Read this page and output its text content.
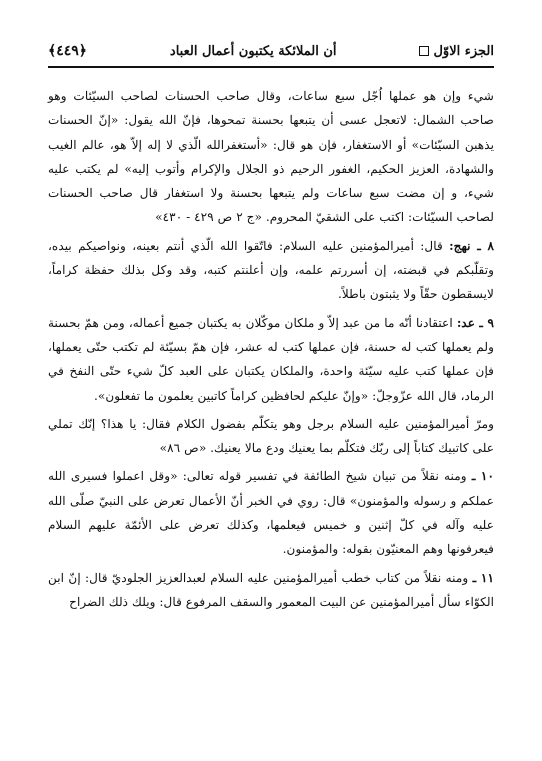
الجزء الاوّل
أن الملائكة يكتبون أعمال العباد
﴿٤٤٩﴾

شيء وإن هو عملها اُجّل سبع ساعات، وقال صاحب الحسنات لصاحب السيّئات وهو صاحب الشمال: لاتعجل عسى أن يتبعها بحسنة تمحوها، فإنّ الله يقول: «إنّ الحسنات يذهبن السيّئات» أو الاستغفار، فإن هو قال: «أستغفرالله الّذي لا إله إلاّ هو، عالم الغيب والشهادة، العزيز الحكيم، الغفور الرحيم ذو الجلال والإكرام وأتوب إليه» لم يكتب عليه شيء، و إن مضت سبع ساعات ولم يتبعها بحسنة ولا استغفار قال صاحب الحسنات لصاحب السيّئات: اكتب على الشقيّ المحروم. «ج ٢ ص ٤٢٩ - ٤٣٠»

٨ ـ نهج: قال: أميرالمؤمنين عليه السلام: فاتّقوا الله الّذي أنتم بعينه، ونواصيكم بيده، وتقلّبكم في قبضته، إن أسررتم علمه، وإن أعلنتم كتبه، وقد وكل بذلك حفظة كراماً، لايسقطون حقّاً ولا يثبتون باطلاً.

٩ ـ عد: اعتقادنا أنّه ما من عبد إلاّ و ملكان موكّلان به يكتبان جميع أعماله، ومن همّ بحسنة ولم يعملها كتب له حسنة، فإن عملها كتب له عشر، فإن همّ بسيّئة لم تكتب حتّى يعملها، فإن عملها كتب عليه سيّئة واحدة، والملكان يكتبان على العبد كلّ شيء حتّى النفخ في الرماد، قال الله عزّوجلّ: «وإنّ عليكم لحافظين كراماً كاتبين يعلمون ما تفعلون».

ومرّ أميرالمؤمنين عليه السلام برجل وهو يتكلّم بفضول الكلام فقال: يا هذا؟ إنّك تملي على كاتبيك كتاباً إلى ربّك فتكلّم بما يعنيك ودع مالا يعنيك. «ص ٨٦»

١٠ ـ ومنه نقلاً من تبيان شيخ الطائفة في تفسير قوله تعالى: «وقل اعملوا فسيرى الله عملكم و رسوله والمؤمنون» قال: روي في الخبر أنّ الأعمال تعرض على النبيّ صلّى الله عليه وآله في كلّ إثنين و خميس فيعلمها، وكذلك تعرض على الأئمّة عليهم السلام فيعرفونها وهم المعنيّون بقوله: والمؤمنون.

١١ ـ ومنه نقلاً من كتاب خطب أميرالمؤمنين عليه السلام لعبدالعزيز الجلوديّ قال: إنّ ابن الكوّاء سأل أميرالمؤمنين عن البيت المعمور والسقف المرفوع قال: ويلك ذلك الضراح
